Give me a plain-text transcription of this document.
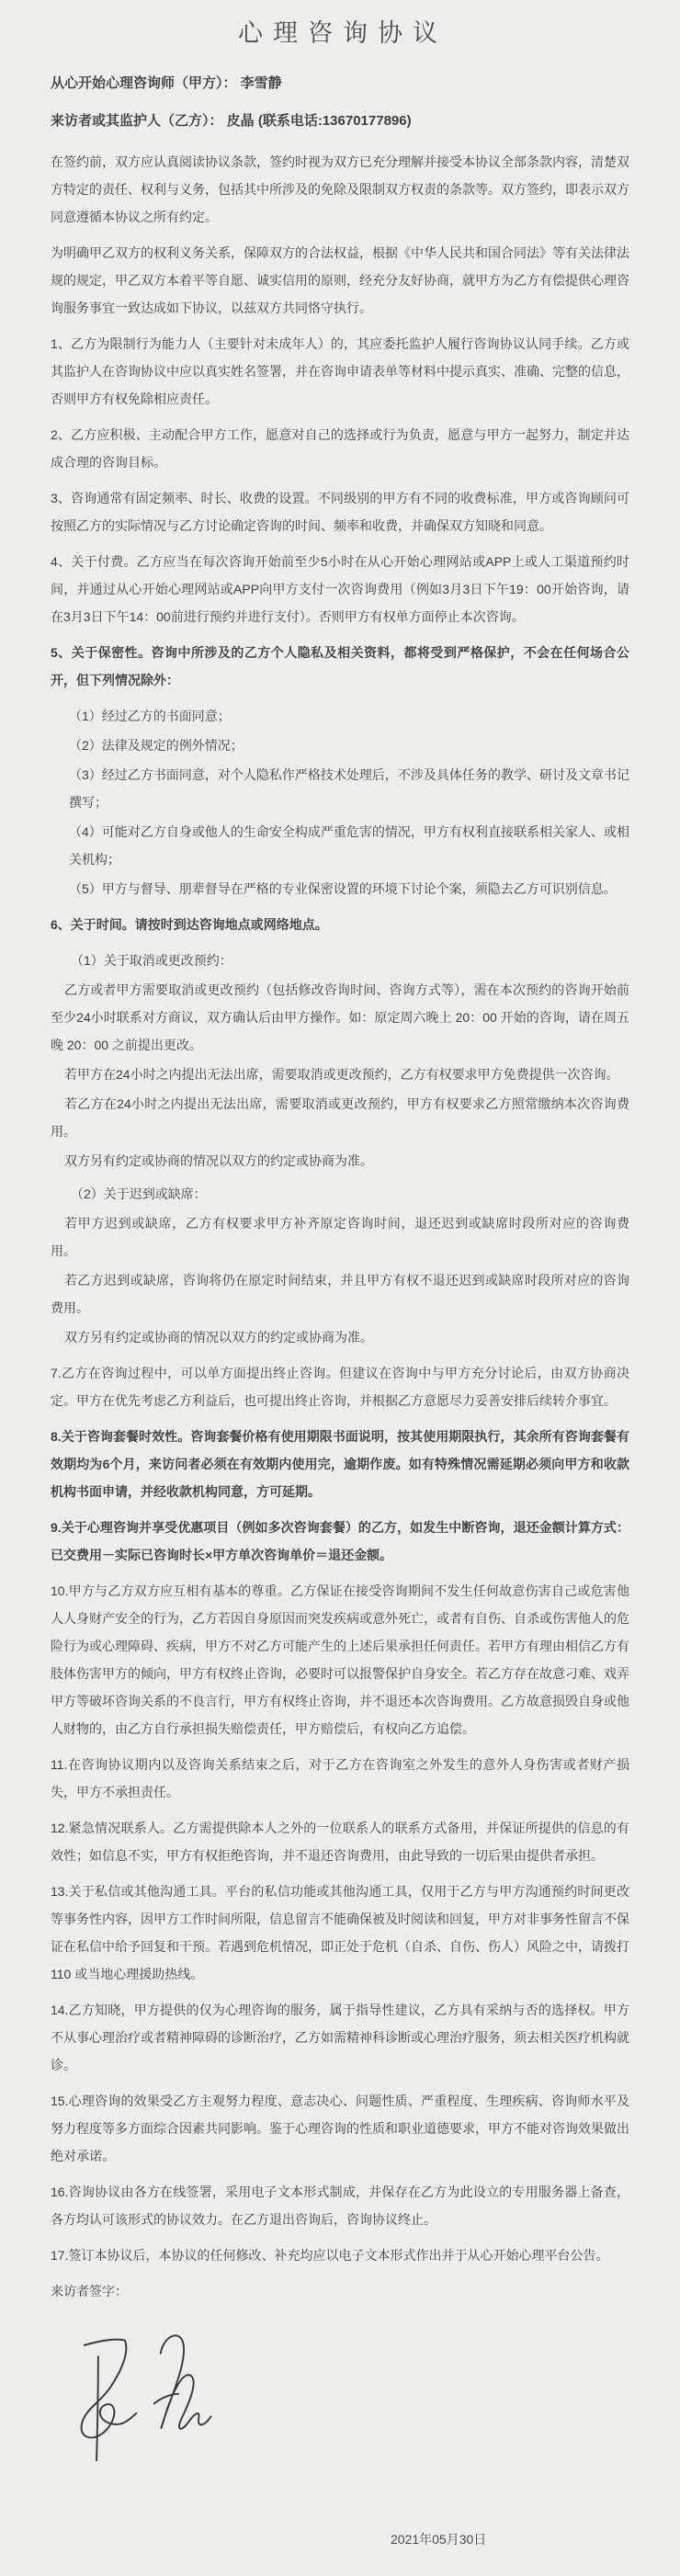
心理咨询协议
从心开始心理咨询师（甲方）： 李雪静
来访者或其监护人（乙方）： 皮晶 (联系电话:13670177896)

在签约前，双方应认真阅读协议条款，签约时视为双方已充分理解并接受本协议全部条款内容，清楚双方特定的责任、权利与义务，包括其中所涉及的免除及限制双方权责的条款等。双方签约，即表示双方同意遵循本协议之所有约定。

为明确甲乙双方的权利义务关系，保障双方的合法权益，根据《中华人民共和国合同法》等有关法律法规的规定，甲乙双方本着平等自愿、诚实信用的原则，经充分友好协商，就甲方为乙方有偿提供心理咨询服务事宜一致达成如下协议，以兹双方共同恪守执行。

1、乙方为限制行为能力人（主要针对未成年人）的，其应委托监护人履行咨询协议认同手续。乙方或其监护人在咨询协议中应以真实姓名签署，并在咨询申请表单等材料中提示真实、准确、完整的信息，否则甲方有权免除相应责任。

2、乙方应积极、主动配合甲方工作，愿意对自己的选择或行为负责，愿意与甲方一起努力，制定并达成合理的咨询目标。

3、咨询通常有固定频率、时长、收费的设置。不同级别的甲方有不同的收费标准，甲方或咨询顾问可按照乙方的实际情况与乙方讨论确定咨询的时间、频率和收费，并确保双方知晓和同意。

4、关于付费。乙方应当在每次咨询开始前至少5小时在从心开始心理网站或APP上或人工渠道预约时间，并通过从心开始心理网站或APP向甲方支付一次咨询费用（例如3月3日下午19：00开始咨询，请在3月3日下午14：00前进行预约并进行支付）。否则甲方有权单方面停止本次咨询。

5、关于保密性。咨询中所涉及的乙方个人隐私及相关资料，都将受到严格保护，不会在任何场合公开，但下列情况除外：

（1）经过乙方的书面同意；

（2）法律及规定的例外情况；

（3）经过乙方书面同意，对个人隐私作严格技术处理后，不涉及具体任务的教学、研讨及文章书记撰写；

（4）可能对乙方自身或他人的生命安全构成严重危害的情况，甲方有权利直接联系相关家人、或相关机构；

（5）甲方与督导、朋辈督导在严格的专业保密设置的环境下讨论个案，须隐去乙方可识别信息。

6、关于时间。请按时到达咨询地点或网络地点。

（1）关于取消或更改预约：

乙方或者甲方需要取消或更改预约（包括修改咨询时间、咨询方式等），需在本次预约的咨询开始前至少24小时联系对方商议，双方确认后由甲方操作。如：原定周六晚上 20：00 开始的咨询，请在周五晚 20：00 之前提出更改。

若甲方在24小时之内提出无法出席，需要取消或更改预约，乙方有权要求甲方免费提供一次咨询。

若乙方在24小时之内提出无法出席，需要取消或更改预约，甲方有权要求乙方照常缴纳本次咨询费用。

双方另有约定或协商的情况以双方的约定或协商为准。

（2）关于迟到或缺席：

若甲方迟到或缺席，乙方有权要求甲方补齐原定咨询时间，退还迟到或缺席时段所对应的咨询费用。

若乙方迟到或缺席，咨询将仍在原定时间结束，并且甲方有权不退还迟到或缺席时段所对应的咨询费用。

双方另有约定或协商的情况以双方的约定或协商为准。

7.乙方在咨询过程中，可以单方面提出终止咨询。但建议在咨询中与甲方充分讨论后，由双方协商决定。甲方在优先考虑乙方利益后，也可提出终止咨询，并根据乙方意愿尽力妥善安排后续转介事宜。

8.关于咨询套餐时效性。咨询套餐价格有使用期限书面说明，按其使用期限执行，其余所有咨询套餐有效期均为6个月，来访问者必须在有效期内使用完，逾期作废。如有特殊情况需延期必须向甲方和收款机构书面申请，并经收款机构同意，方可延期。

9.关于心理咨询并享受优惠项目（例如多次咨询套餐）的乙方，如发生中断咨询，退还金额计算方式：已交费用－实际已咨询时长×甲方单次咨询单价＝退还金额。

10.甲方与乙方双方应互相有基本的尊重。乙方保证在接受咨询期间不发生任何故意伤害自己或危害他人人身财产安全的行为，乙方若因自身原因而突发疾病或意外死亡，或者有自伤、自杀或伤害他人的危险行为或心理障碍、疾病，甲方不对乙方可能产生的上述后果承担任何责任。若甲方有理由相信乙方有肢体伤害甲方的倾向，甲方有权终止咨询，必要时可以报警保护自身安全。若乙方存在故意刁难、戏弄甲方等破坏咨询关系的不良言行，甲方有权终止咨询，并不退还本次咨询费用。乙方故意损毁自身或他人财物的，由乙方自行承担损失赔偿责任，甲方赔偿后，有权向乙方追偿。

11.在咨询协议期内以及咨询关系结束之后，对于乙方在咨询室之外发生的意外人身伤害或者财产损失，甲方不承担责任。

12.紧急情况联系人。乙方需提供除本人之外的一位联系人的联系方式备用，并保证所提供的信息的有效性；如信息不实，甲方有权拒绝咨询，并不退还咨询费用，由此导致的一切后果由提供者承担。

13.关于私信或其他沟通工具。平台的私信功能或其他沟通工具，仅用于乙方与甲方沟通预约时间更改等事务性内容，因甲方工作时间所限，信息留言不能确保被及时阅读和回复，甲方对非事务性留言不保证在私信中给予回复和干预。若遇到危机情况，即正处于危机（自杀、自伤、伤人）风险之中，请拨打 110 或当地心理援助热线。

14.乙方知晓，甲方提供的仅为心理咨询的服务，属于指导性建议，乙方具有采纳与否的选择权。甲方不从事心理治疗或者精神障碍的诊断治疗，乙方如需精神科诊断或心理治疗服务，须去相关医疗机构就诊。

15.心理咨询的效果受乙方主观努力程度、意志决心、问题性质、严重程度、生理疾病、咨询师水平及努力程度等多方面综合因素共同影响。鉴于心理咨询的性质和职业道德要求，甲方不能对咨询效果做出绝对承诺。

16.咨询协议由各方在线签署，采用电子文本形式制成，并保存在乙方为此设立的专用服务器上备查，各方均认可该形式的协议效力。在乙方退出咨询后，咨询协议终止。

17.签订本协议后，本协议的任何修改、补充均应以电子文本形式作出并于从心开始心理平台公告。

来访者签字：

2021年05月30日
